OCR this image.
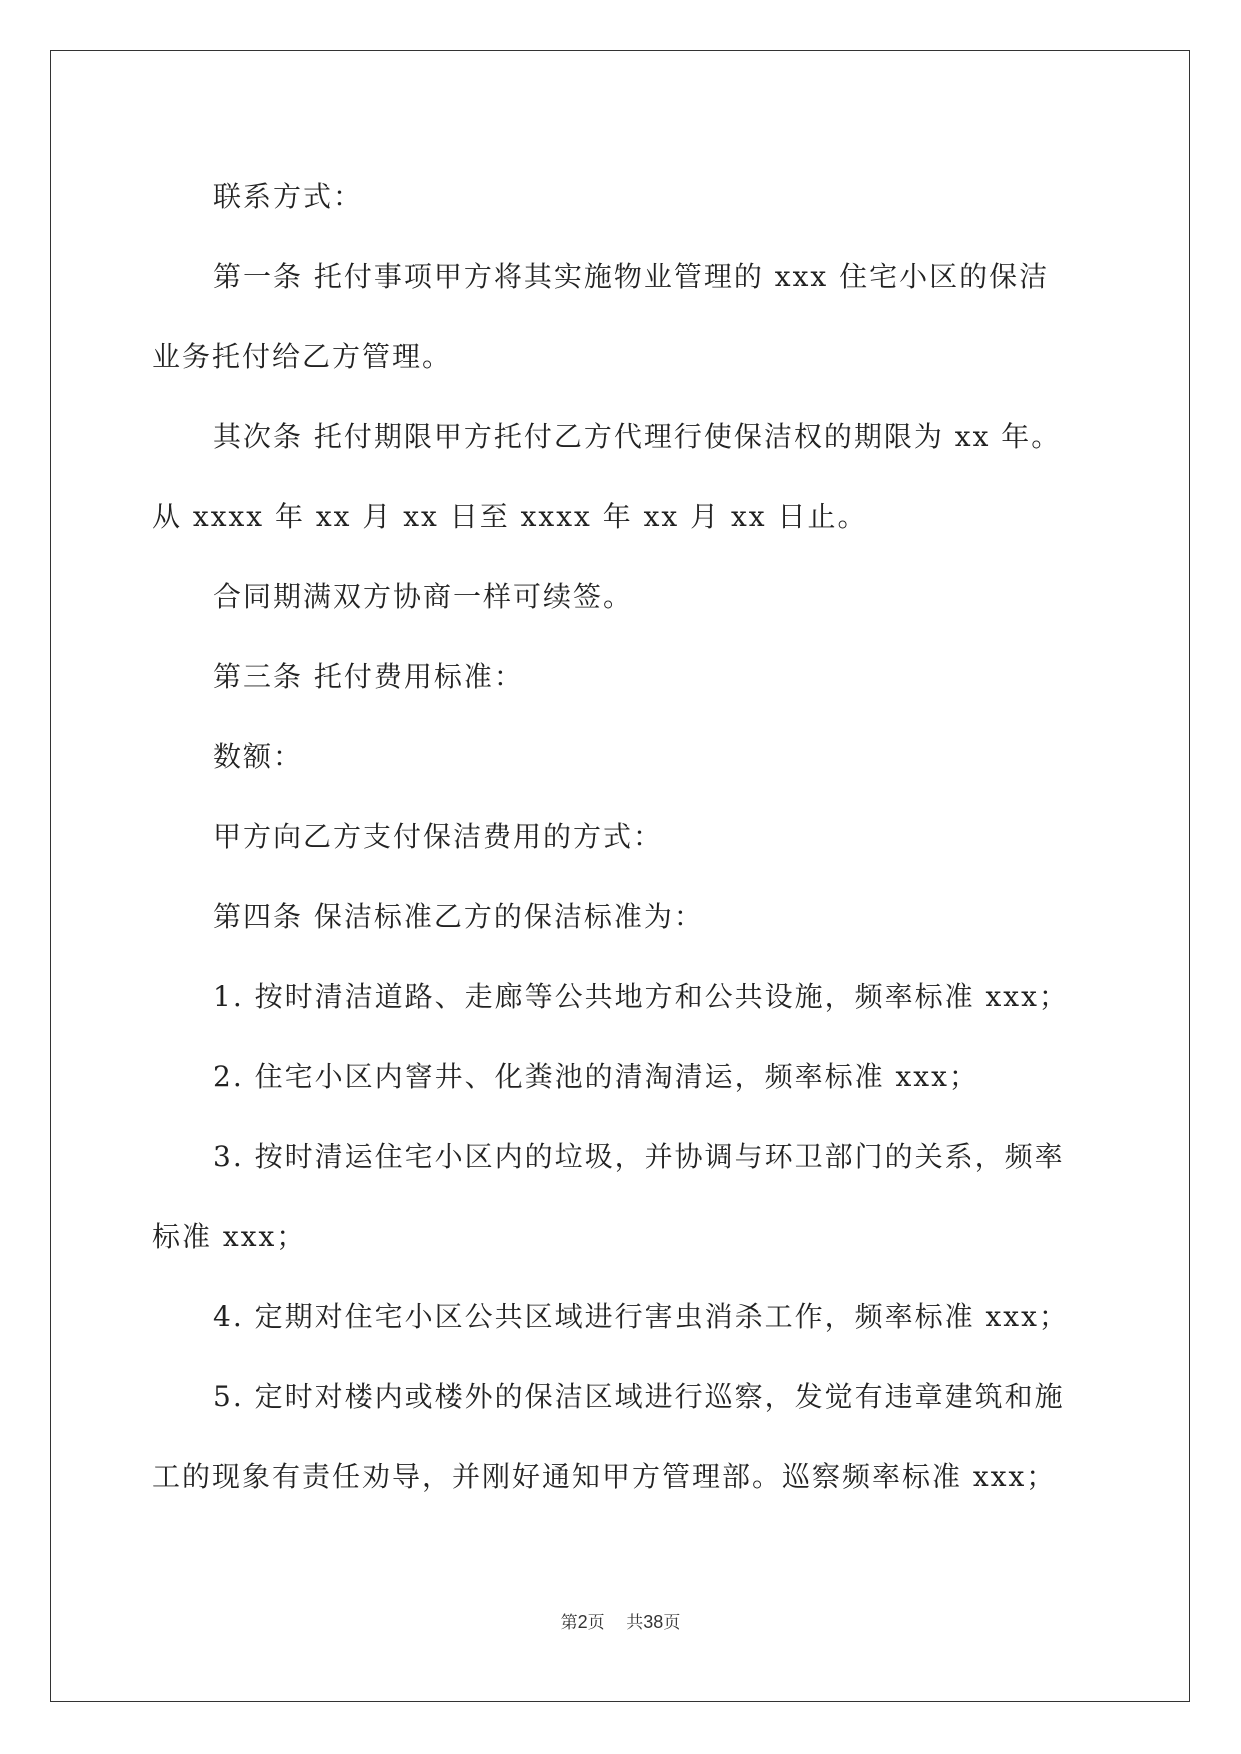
联系方式：
第一条 托付事项甲方将其实施物业管理的 xxx 住宅小区的保洁
业务托付给乙方管理。
其次条 托付期限甲方托付乙方代理行使保洁权的期限为 xx 年。
从 xxxx 年 xx 月 xx 日至 xxxx 年 xx 月 xx 日止。
合同期满双方协商一样可续签。
第三条 托付费用标准：
数额：
甲方向乙方支付保洁费用的方式：
第四条 保洁标准乙方的保洁标准为：
1. 按时清洁道路、走廊等公共地方和公共设施，频率标准 xxx；
2. 住宅小区内窨井、化粪池的清淘清运，频率标准 xxx；
3. 按时清运住宅小区内的垃圾，并协调与环卫部门的关系，频率
标准 xxx；
4. 定期对住宅小区公共区域进行害虫消杀工作，频率标准 xxx；
5. 定时对楼内或楼外的保洁区域进行巡察，发觉有违章建筑和施
工的现象有责任劝导，并刚好通知甲方管理部。巡察频率标准 xxx；
第2页 共38页
